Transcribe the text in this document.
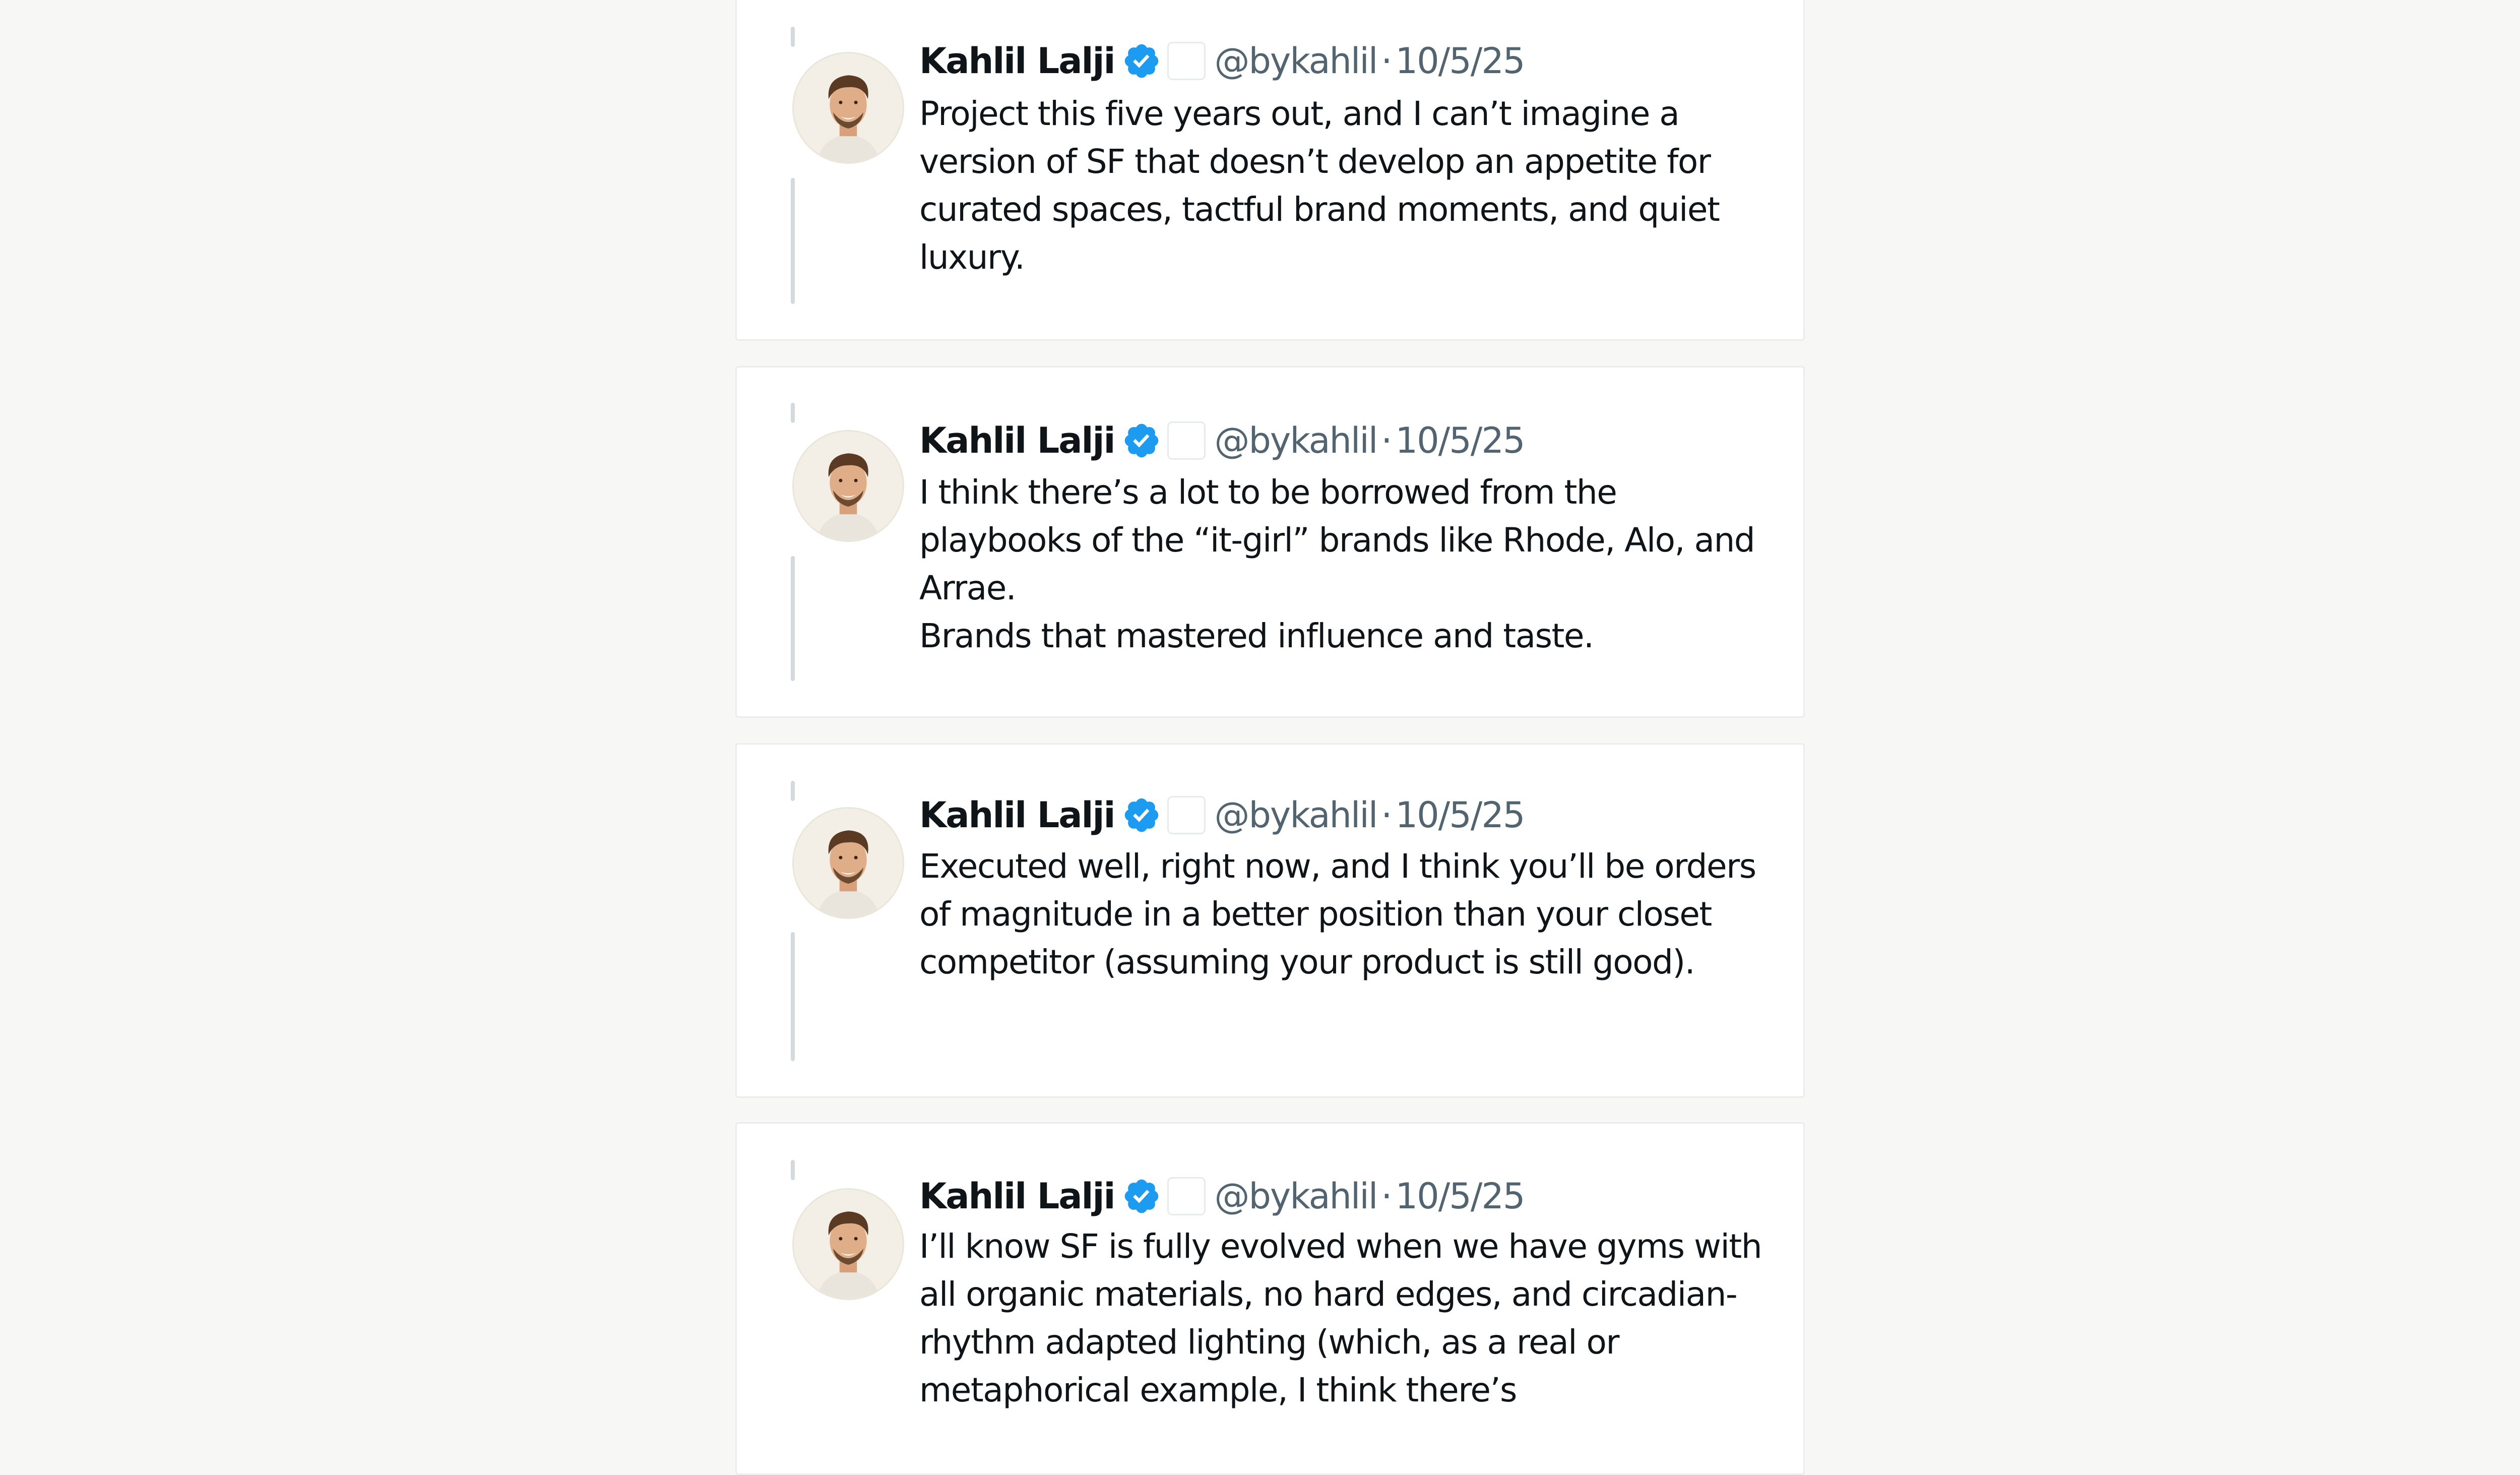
Kahlil Lalji	@bykahlil · 10/5/25
Project this five years out, and I can’t imagine a version of SF that doesn’t develop an appetite for curated spaces, tactful brand moments, and quiet luxury.
Kahlil Lalji	@bykahlil · 10/5/25
I think there’s a lot to be borrowed from the playbooks of the “it-girl” brands like Rhode, Alo, and Arrae.
Brands that mastered influence and taste.
Kahlil Lalji	@bykahlil · 10/5/25
Executed well, right now, and I think you’ll be orders of magnitude in a better position than your closet competitor (assuming your product is still good).
Kahlil Lalji	@bykahlil · 10/5/25
I’ll know SF is fully evolved when we have gyms with all organic materials, no hard edges, and circadian-rhythm adapted lighting (which, as a real or metaphorical example, I think there’s
